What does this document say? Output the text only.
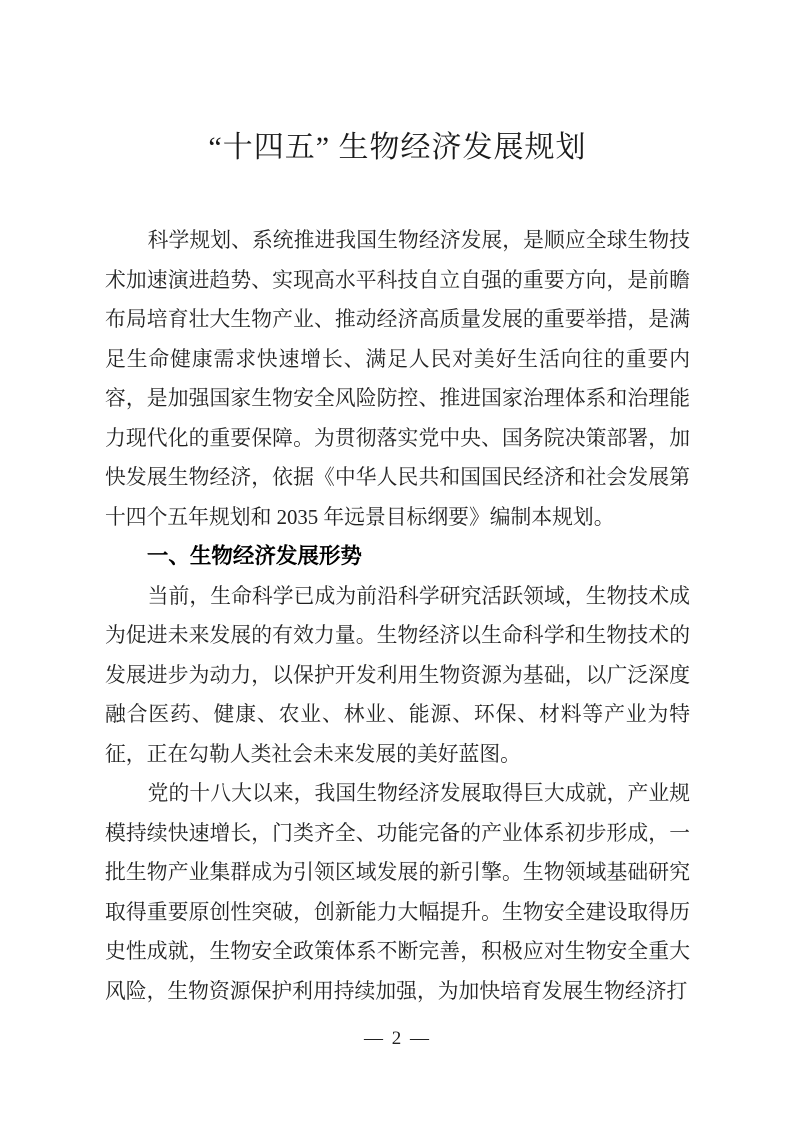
“十四五” 生物经济发展规划
科学规划、系统推进我国生物经济发展，是顺应全球生物技
术加速演进趋势、实现高水平科技自立自强的重要方向，是前瞻
布局培育壮大生物产业、推动经济高质量发展的重要举措，是满
足生命健康需求快速增长、满足人民对美好生活向往的重要内
容，是加强国家生物安全风险防控、推进国家治理体系和治理能
力现代化的重要保障。为贯彻落实党中央、国务院决策部署，加
快发展生物经济，依据《中华人民共和国国民经济和社会发展第
十四个五年规划和 2035 年远景目标纲要》编制本规划。
一、生物经济发展形势
当前，生命科学已成为前沿科学研究活跃领域，生物技术成
为促进未来发展的有效力量。生物经济以生命科学和生物技术的
发展进步为动力，以保护开发利用生物资源为基础，以广泛深度
融合医药、健康、农业、林业、能源、环保、材料等产业为特
征，正在勾勒人类社会未来发展的美好蓝图。
党的十八大以来，我国生物经济发展取得巨大成就，产业规
模持续快速增长，门类齐全、功能完备的产业体系初步形成，一
批生物产业集群成为引领区域发展的新引擎。生物领域基础研究
取得重要原创性突破，创新能力大幅提升。生物安全建设取得历
史性成就，生物安全政策体系不断完善，积极应对生物安全重大
风险，生物资源保护利用持续加强，为加快培育发展生物经济打
— 2 —
